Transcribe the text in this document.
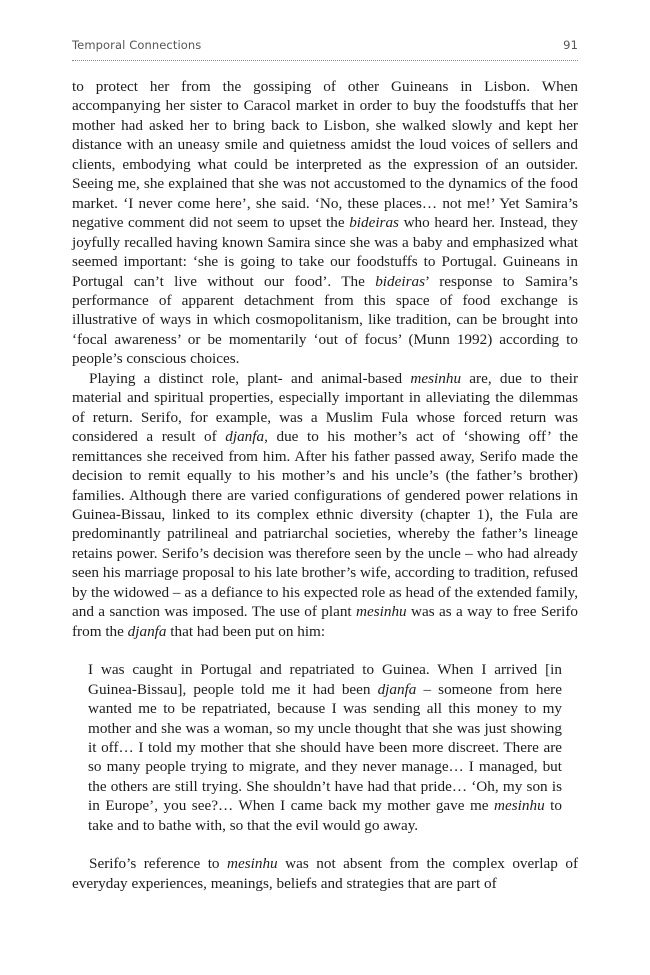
Temporal Connections	91

to protect her from the gossiping of other Guineans in Lisbon. When accompanying her sister to Caracol market in order to buy the foodstuffs that her mother had asked her to bring back to Lisbon, she walked slowly and kept her distance with an uneasy smile and quietness amidst the loud voices of sellers and clients, embodying what could be interpreted as the expression of an outsider. Seeing me, she explained that she was not accustomed to the dynamics of the food market. ‘I never come here’, she said. ‘No, these places… not me!’ Yet Samira’s negative comment did not seem to upset the bideiras who heard her. Instead, they joyfully recalled having known Samira since she was a baby and emphasized what seemed important: ‘she is going to take our foodstuffs to Portugal. Guineans in Portugal can’t live without our food’. The bideiras’ response to Samira’s performance of apparent detachment from this space of food exchange is illustrative of ways in which cosmopolitanism, like tradition, can be brought into ‘focal awareness’ or be momentarily ‘out of focus’ (Munn 1992) according to people’s conscious choices.

Playing a distinct role, plant- and animal-based mesinhu are, due to their material and spiritual properties, especially important in alleviating the dilemmas of return. Serifo, for example, was a Muslim Fula whose forced return was considered a result of djanfa, due to his mother’s act of ‘showing off’ the remittances she received from him. After his father passed away, Serifo made the decision to remit equally to his mother’s and his uncle’s (the father’s brother) families. Although there are varied configurations of gendered power relations in Guinea-Bissau, linked to its complex ethnic diversity (chapter 1), the Fula are predominantly patrilineal and patriarchal societies, whereby the father’s lineage retains power. Serifo’s decision was therefore seen by the uncle – who had already seen his marriage proposal to his late brother’s wife, according to tradition, refused by the widowed – as a defiance to his expected role as head of the extended family, and a sanction was imposed. The use of plant mesinhu was as a way to free Serifo from the djanfa that had been put on him:

I was caught in Portugal and repatriated to Guinea. When I arrived [in Guinea-Bissau], people told me it had been djanfa – someone from here wanted me to be repatriated, because I was sending all this money to my mother and she was a woman, so my uncle thought that she was just showing it off… I told my mother that she should have been more discreet. There are so many people trying to migrate, and they never manage… I managed, but the others are still trying. She shouldn’t have had that pride… ‘Oh, my son is in Europe’, you see?… When I came back my mother gave me mesinhu to take and to bathe with, so that the evil would go away.

Serifo’s reference to mesinhu was not absent from the complex overlap of everyday experiences, meanings, beliefs and strategies that are part of
